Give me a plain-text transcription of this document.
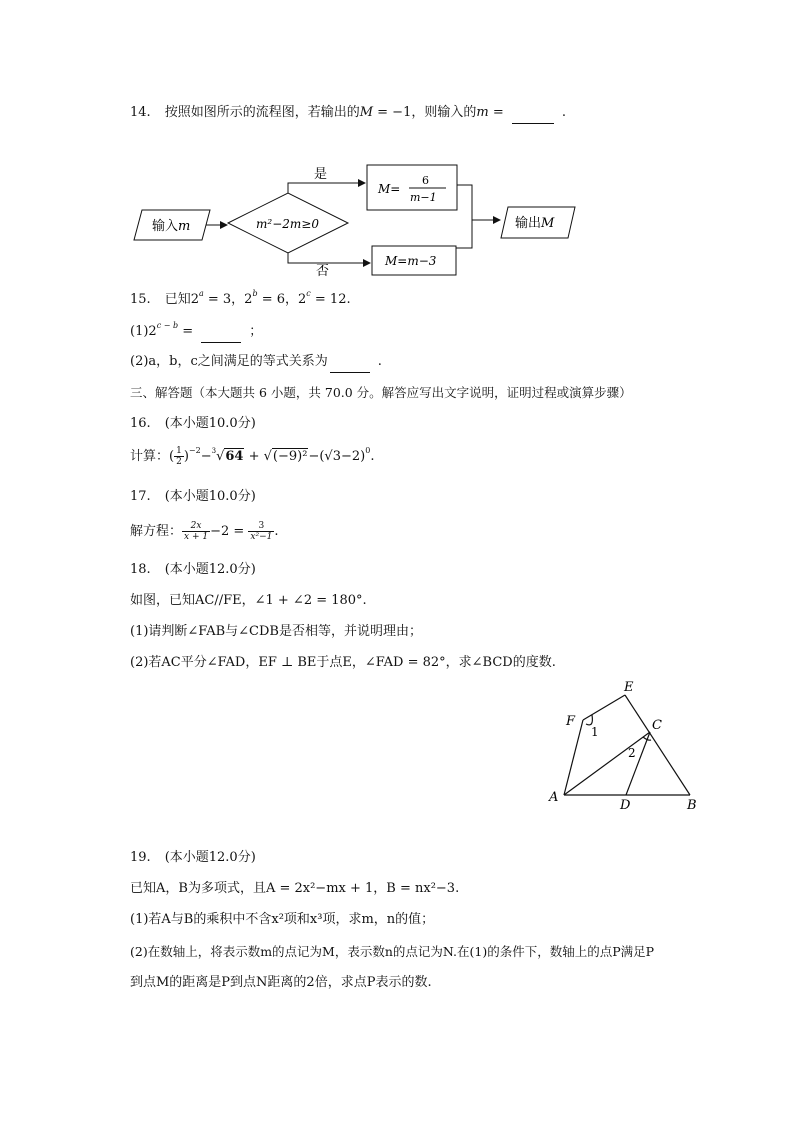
14. 按照如图所示的流程图，若输出的M = −1，则输入的m =	.
输入m	m²−2m≥0
是
否
M=
6
m−1
M=m−3
输出M
15. 已知$2^a = 3$，$2^b = 6$，$2^c = 12$.
$(1)2^{c - b}$ =	；
(2)a，b，c之间满足的等式关系为	.
三、解答题（本大题共 6 小题，共 70.0 分。解答应写出文字说明，证明过程或演算步骤）
16. (本小题10.0分)
计算：( $\frac{1}{2} )^{-2}-^3√64 + √(-9)^2-(√3-2)^0$.
17. (本小题10.0分)
解方程： $\frac{2x}{x + 1} -2 = \frac{3}{\text{x²−1}}$ .
18. (本小题12.0分)
如图，已知AC//FE，∠1 + ∠2 = 180°.
(1)请判断∠FAB与∠CDB是否相等，并说明理由；
(2)若AC平分∠FAD，EF ⊥ BE于点E，∠FAD = 82°，求∠BCD的度数.
E
F	C
A
D	B
1
2
19. (本小题12.0分)
已知A，B为多项式，且A = 2x²−mx + 1，B = nx²−3.
(1)若A与B的乘积中不含x²项和x³项，求m，n的值；
(2)在数轴上，将表示数m的点记为M，表示数n的点记为N.在(1)的条件下，数轴上的点P满足P
到点M的距离是P到点N距离的2倍，求点P表示的数.
